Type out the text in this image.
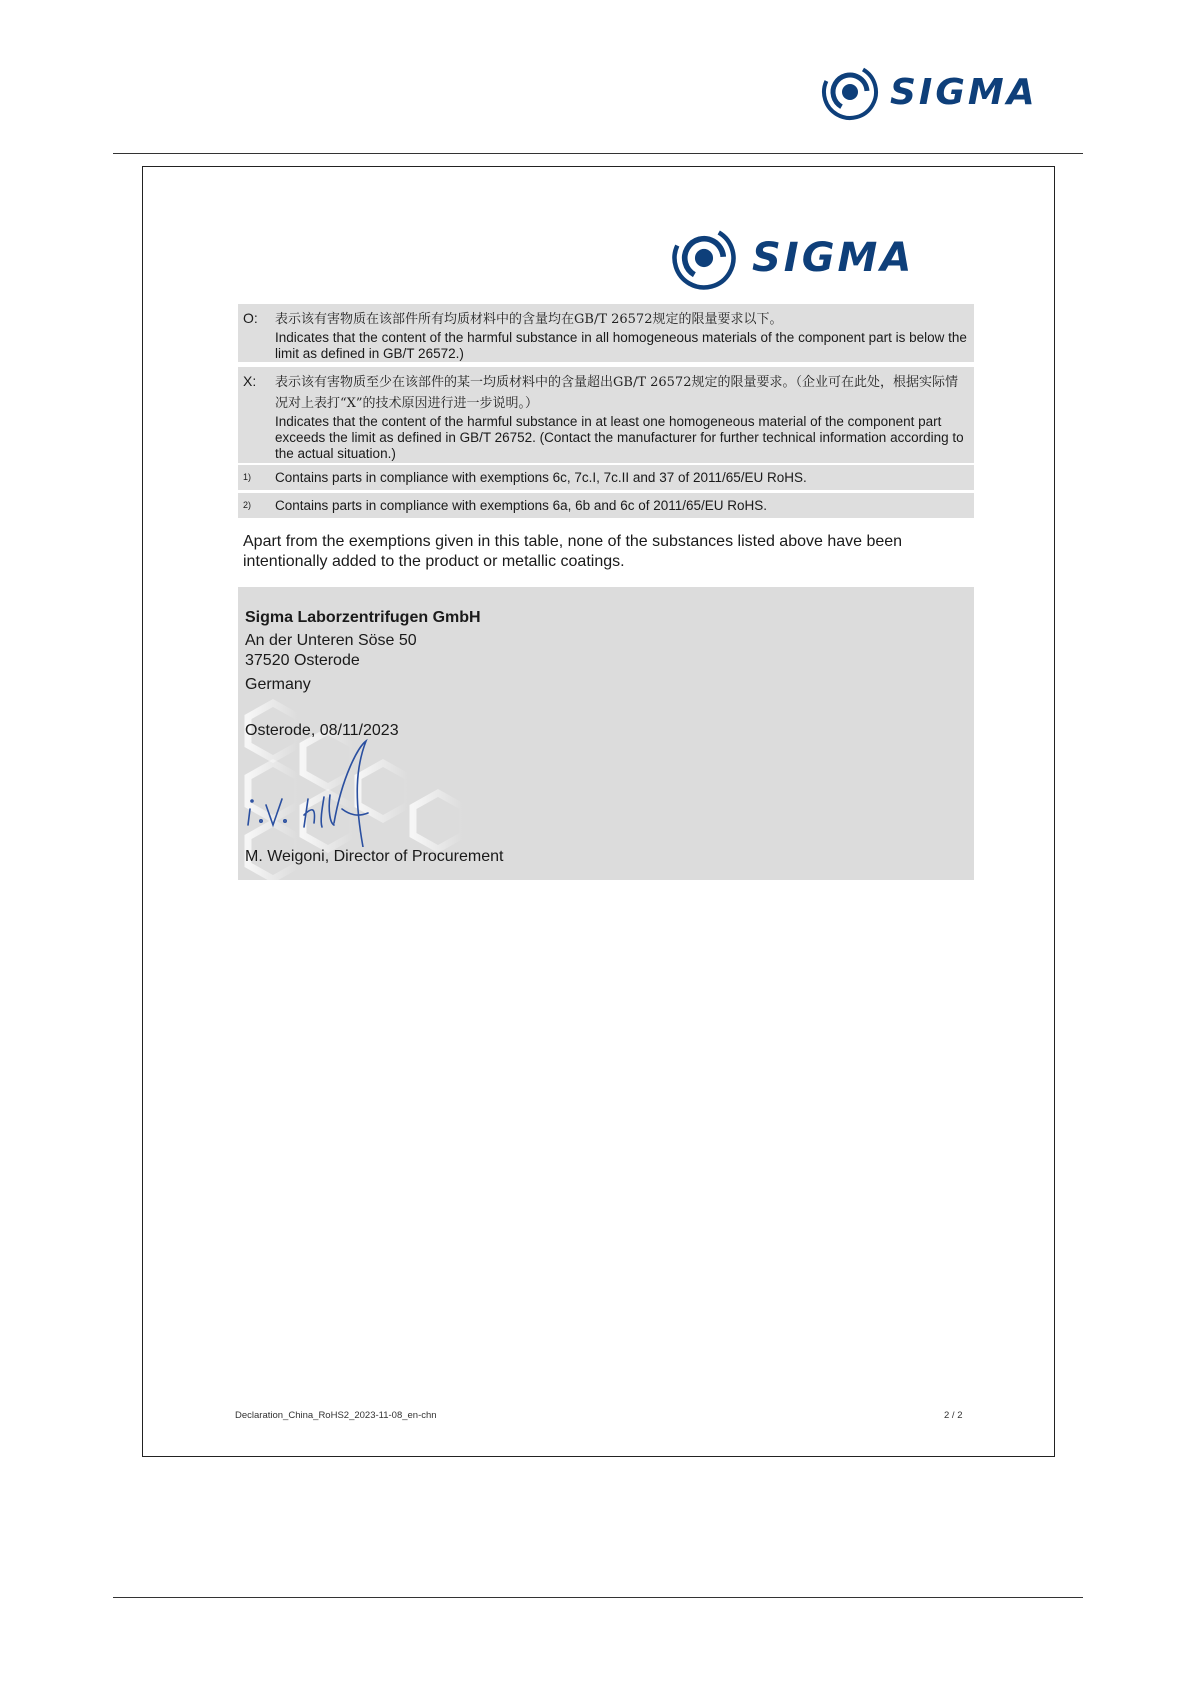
SIGMA
SIGMA
O: 表示该有害物质在该部件所有均质材料中的含量均在GB/T 26572规定的限量要求以下。
Indicates that the content of the harmful substance in all homogeneous materials of the component part is below the limit as defined in GB/T 26572.)
X: 表示该有害物质至少在该部件的某一均质材料中的含量超出GB/T 26572规定的限量要求。（企业可在此处，根据实际情况对上表打“X”的技术原因进行进一步说明。）
Indicates that the content of the harmful substance in at least one homogeneous material of the component part exceeds the limit as defined in GB/T 26752. (Contact the manufacturer for further technical information according to the actual situation.)
1) Contains parts in compliance with exemptions 6c, 7c.I, 7c.II and 37 of 2011/65/EU RoHS.
2) Contains parts in compliance with exemptions 6a, 6b and 6c of 2011/65/EU RoHS.
Apart from the exemptions given in this table, none of the substances listed above have been intentionally added to the product or metallic coatings.
Sigma Laborzentrifugen GmbH
An der Unteren Söse 50
37520 Osterode
Germany
Osterode, 08/11/2023
M. Weigoni, Director of Procurement
Declaration_China_RoHS2_2023-11-08_en-chn	2 / 2
